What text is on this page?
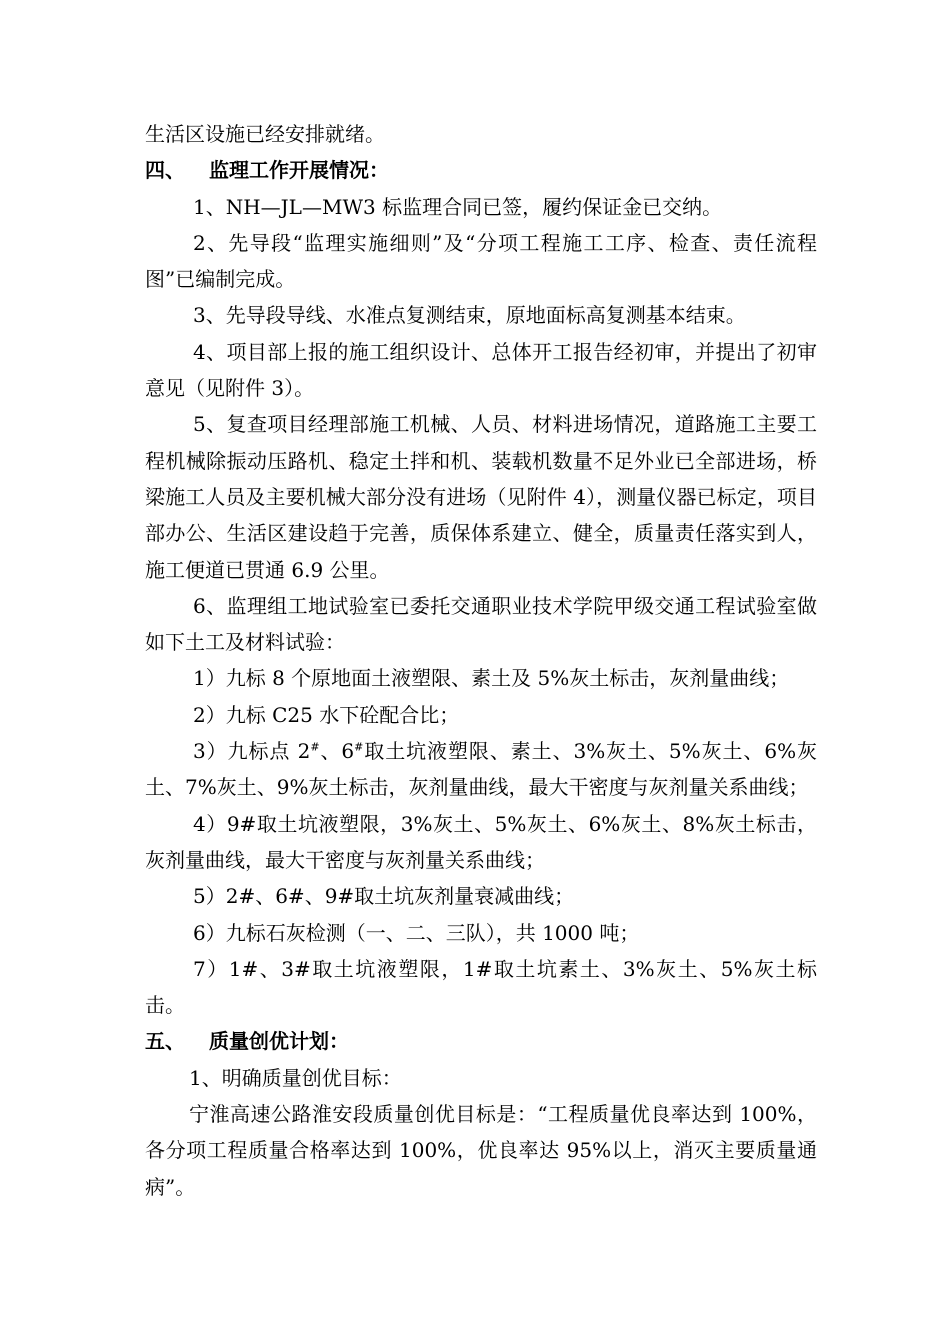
生活区设施已经安排就绪。

四、 监理工作开展情况：

1、NH—JL—MW3 标监理合同已签，履约保证金已交纳。

2、先导段“监理实施细则”及“分项工程施工工序、检查、责任流程图”已编制完成。

3、先导段导线、水准点复测结束，原地面标高复测基本结束。

4、项目部上报的施工组织设计、总体开工报告经初审，并提出了初审意见（见附件 3）。

5、复查项目经理部施工机械、人员、材料进场情况，道路施工主要工程机械除振动压路机、稳定土拌和机、装载机数量不足外业已全部进场，桥梁施工人员及主要机械大部分没有进场（见附件 4），测量仪器已标定，项目部办公、生活区建设趋于完善，质保体系建立、健全，质量责任落实到人，施工便道已贯通 6.9 公里。

6、监理组工地试验室已委托交通职业技术学院甲级交通工程试验室做如下土工及材料试验：

1）九标 8 个原地面土液塑限、素土及 5%灰土标击，灰剂量曲线；

2）九标 C25 水下砼配合比；

3）九标点 2#、6#取土坑液塑限、素土、3%灰土、5%灰土、6%灰土、7%灰土、9%灰土标击，灰剂量曲线，最大干密度与灰剂量关系曲线；

4）9#取土坑液塑限，3%灰土、5%灰土、6%灰土、8%灰土标击，灰剂量曲线，最大干密度与灰剂量关系曲线；

5）2#、6#、9#取土坑灰剂量衰减曲线；

6）九标石灰检测（一、二、三队），共 1000 吨；

7）1#、3#取土坑液塑限，1#取土坑素土、3%灰土、5%灰土标击。

五、 质量创优计划：

1、明确质量创优目标：

宁淮高速公路淮安段质量创优目标是：“工程质量优良率达到 100%，各分项工程质量合格率达到 100%，优良率达 95%以上，消灭主要质量通病”。
